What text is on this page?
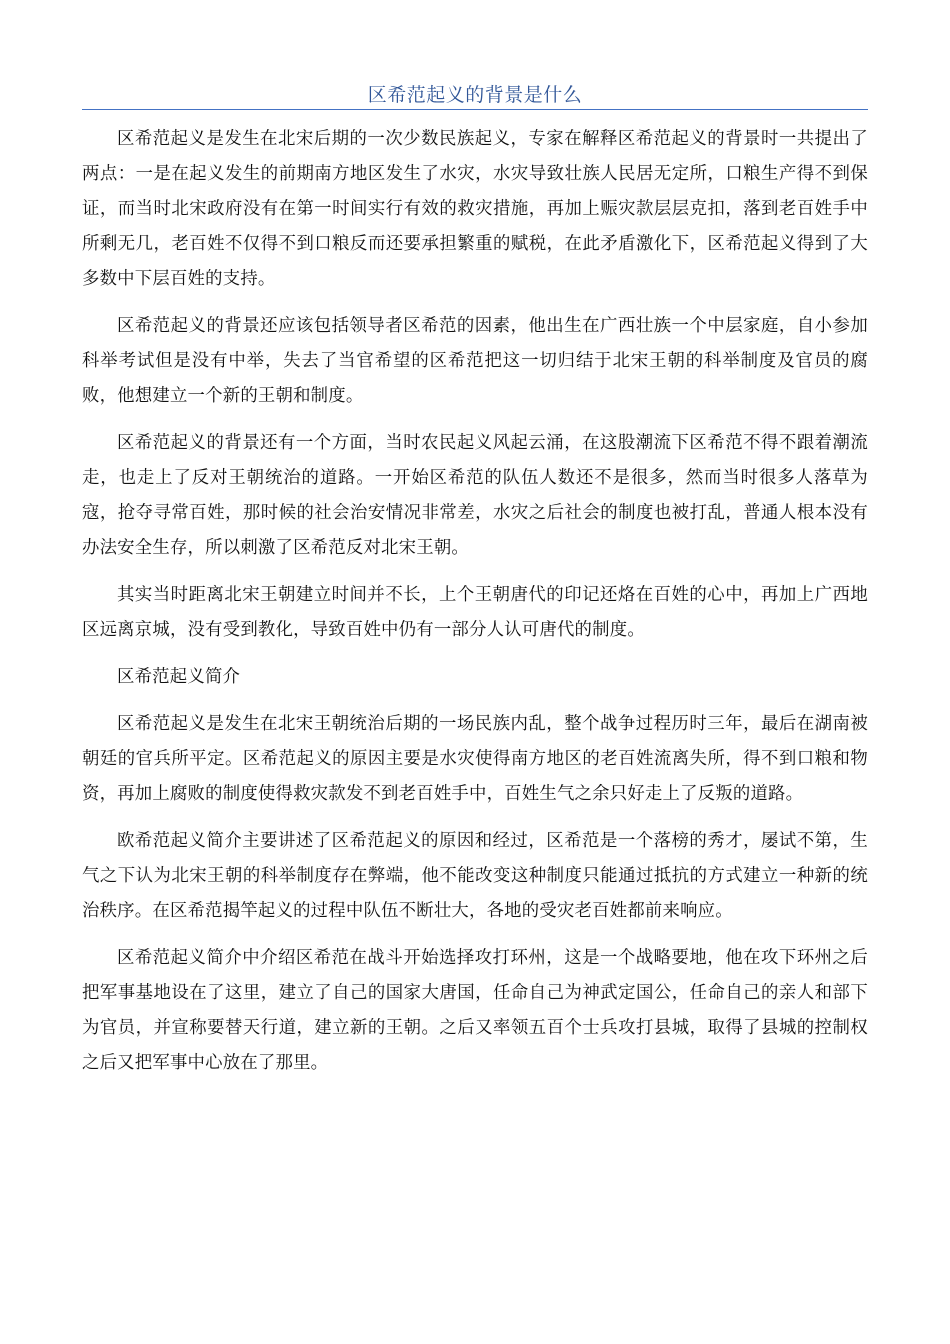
区希范起义的背景是什么

区希范起义是发生在北宋后期的一次少数民族起义，专家在解释区希范起义的背景时一共提出了两点：一是在起义发生的前期南方地区发生了水灾，水灾导致壮族人民居无定所，口粮生产得不到保证，而当时北宋政府没有在第一时间实行有效的救灾措施，再加上赈灾款层层克扣，落到老百姓手中所剩无几，老百姓不仅得不到口粮反而还要承担繁重的赋税，在此矛盾激化下，区希范起义得到了大多数中下层百姓的支持。

区希范起义的背景还应该包括领导者区希范的因素，他出生在广西壮族一个中层家庭，自小参加科举考试但是没有中举，失去了当官希望的区希范把这一切归结于北宋王朝的科举制度及官员的腐败，他想建立一个新的王朝和制度。

区希范起义的背景还有一个方面，当时农民起义风起云涌，在这股潮流下区希范不得不跟着潮流走，也走上了反对王朝统治的道路。一开始区希范的队伍人数还不是很多，然而当时很多人落草为寇，抢夺寻常百姓，那时候的社会治安情况非常差，水灾之后社会的制度也被打乱，普通人根本没有办法安全生存，所以刺激了区希范反对北宋王朝。

其实当时距离北宋王朝建立时间并不长，上个王朝唐代的印记还烙在百姓的心中，再加上广西地区远离京城，没有受到教化，导致百姓中仍有一部分人认可唐代的制度。

区希范起义简介

区希范起义是发生在北宋王朝统治后期的一场民族内乱，整个战争过程历时三年，最后在湖南被朝廷的官兵所平定。区希范起义的原因主要是水灾使得南方地区的老百姓流离失所，得不到口粮和物资，再加上腐败的制度使得救灾款发不到老百姓手中，百姓生气之余只好走上了反叛的道路。

欧希范起义简介主要讲述了区希范起义的原因和经过，区希范是一个落榜的秀才，屡试不第，生气之下认为北宋王朝的科举制度存在弊端，他不能改变这种制度只能通过抵抗的方式建立一种新的统治秩序。在区希范揭竿起义的过程中队伍不断壮大，各地的受灾老百姓都前来响应。

区希范起义简介中介绍区希范在战斗开始选择攻打环州，这是一个战略要地，他在攻下环州之后把军事基地设在了这里，建立了自己的国家大唐国，任命自己为神武定国公，任命自己的亲人和部下为官员，并宣称要替天行道，建立新的王朝。之后又率领五百个士兵攻打县城，取得了县城的控制权之后又把军事中心放在了那里。
